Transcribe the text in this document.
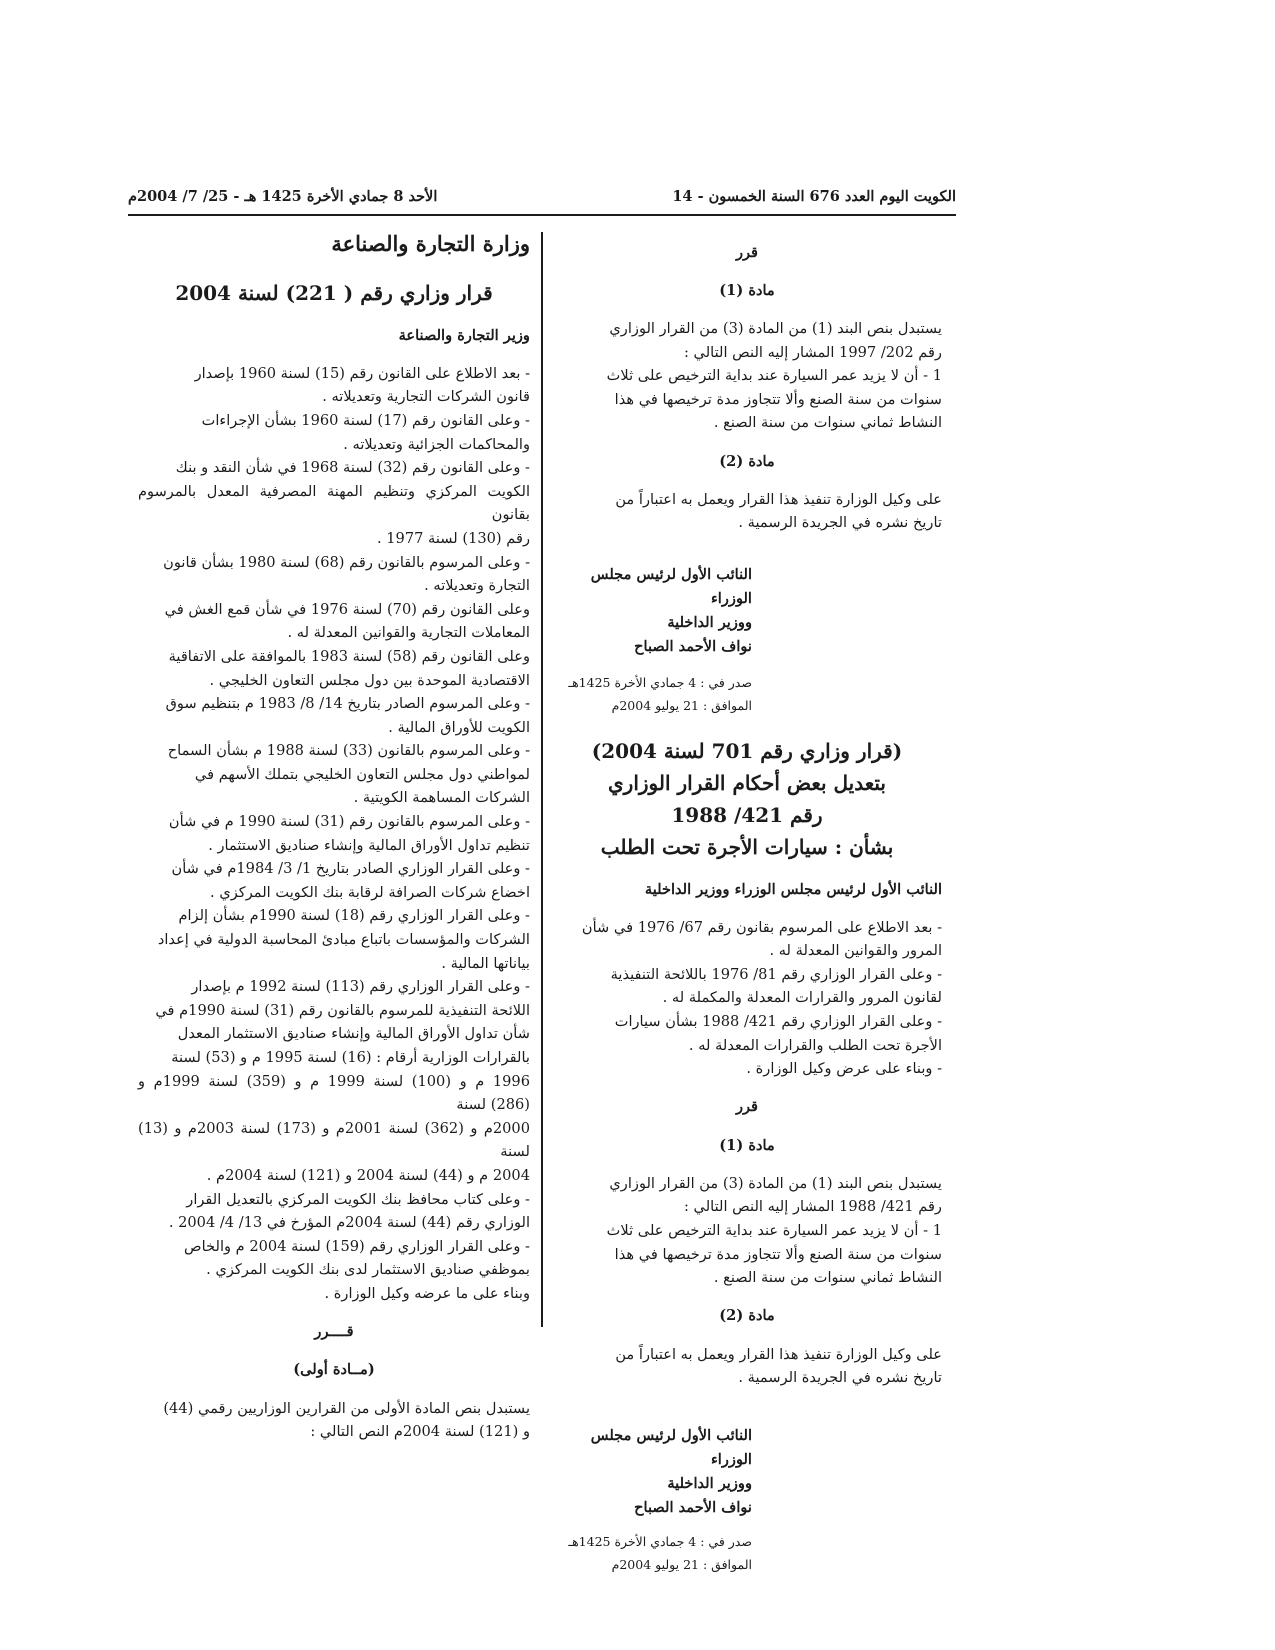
الكويت اليوم العدد 676 السنة الخمسون - 14
الأحد 8 جمادي الأخرة 1425 هـ - 25/ 7/ 2004م

قرر

مادة (1)

يستبدل بنص البند (1) من المادة (3) من القرار الوزاري

رقم 202/ 1997 المشار إليه النص التالي :

1 - أن لا يزيد عمر السيارة عند بداية الترخيص على ثلاث

سنوات من سنة الصنع وألا تتجاوز مدة ترخيصها في هذا

النشاط ثماني سنوات من سنة الصنع .

مادة (2)

على وكيل الوزارة تنفيذ هذا القرار ويعمل به اعتباراً من

تاريخ نشره في الجريدة الرسمية .

النائب الأول لرئيس مجلس الوزراء

ووزير الداخلية

نواف الأحمد الصباح

صدر في : 4 جمادي الأخرة 1425هـ
الموافق : 21 يوليو 2004م

(قرار وزاري رقم 701 لسنة 2004)

بتعديل بعض أحكام القرار الوزاري

رقم 421/ 1988

بشأن : سيارات الأجرة تحت الطلب

النائب الأول لرئيس مجلس الوزراء ووزير الداخلية

- بعد الاطلاع على المرسوم بقانون رقم 67/ 1976 في شأن

المرور والقوانين المعدلة له .

- وعلى القرار الوزاري رقم 81/ 1976 باللائحة التنفيذية

لقانون المرور والقرارات المعدلة والمكملة له .

- وعلى القرار الوزاري رقم 421/ 1988 بشأن سيارات

الأجرة تحت الطلب والقرارات المعدلة له .

- وبناء على عرض وكيل الوزارة .

قرر

مادة (1)

يستبدل بنص البند (1) من المادة (3) من القرار الوزاري

رقم 421/ 1988 المشار إليه النص التالي :

1 - أن لا يزيد عمر السيارة عند بداية الترخيص على ثلاث

سنوات من سنة الصنع وألا تتجاوز مدة ترخيصها في هذا

النشاط ثماني سنوات من سنة الصنع .

مادة (2)

على وكيل الوزارة تنفيذ هذا القرار ويعمل به اعتباراً من

تاريخ نشره في الجريدة الرسمية .

النائب الأول لرئيس مجلس الوزراء

ووزير الداخلية

نواف الأحمد الصباح

صدر في : 4 جمادي الأخرة 1425هـ
الموافق : 21 يوليو 2004م

وزارة التجارة والصناعة

قرار وزاري رقم ( 221) لسنة 2004

وزير التجارة والصناعة

- بعد الاطلاع على القانون رقم (15) لسنة 1960 بإصدار

قانون الشركات التجارية وتعديلاته .

- وعلى القانون رقم (17) لسنة 1960 بشأن الإجراءات

والمحاكمات الجزائية وتعديلاته .

- وعلى القانون رقم (32) لسنة 1968 في شأن النقد و بنك

الكويت المركزي وتنظيم المهنة المصرفية المعدل بالمرسوم بقانون

رقم (130) لسنة 1977 .

- وعلى المرسوم بالقانون رقم (68) لسنة 1980 بشأن قانون

التجارة وتعديلاته .

وعلى القانون رقم (70) لسنة 1976 في شأن قمع الغش في

المعاملات التجارية والقوانين المعدلة له .

وعلى القانون رقم (58) لسنة 1983 بالموافقة على الاتفاقية

الاقتصادية الموحدة بين دول مجلس التعاون الخليجي .

- وعلى المرسوم الصادر بتاريخ 14/ 8/ 1983 م بتنظيم سوق

الكويت للأوراق المالية .

- وعلى المرسوم بالقانون (33) لسنة 1988 م بشأن السماح

لمواطني دول مجلس التعاون الخليجي بتملك الأسهم في

الشركات المساهمة الكويتية .

- وعلى المرسوم بالقانون رقم (31) لسنة 1990 م في شأن

تنظيم تداول الأوراق المالية وإنشاء صناديق الاستثمار .

- وعلى القرار الوزاري الصادر بتاريخ 1/ 3/ 1984م في شأن

اخضاع شركات الصرافة لرقابة بنك الكويت المركزي .

- وعلى القرار الوزاري رقم (18) لسنة 1990م بشأن إلزام

الشركات والمؤسسات باتباع مبادئ المحاسبة الدولية في إعداد

بياناتها المالية .

- وعلى القرار الوزاري رقم (113) لسنة 1992 م بإصدار

اللائحة التنفيذية للمرسوم بالقانون رقم (31) لسنة 1990م في

شأن تداول الأوراق المالية وإنشاء صناديق الاستثمار المعدل

بالقرارات الوزارية أرقام : (16) لسنة 1995 م و (53) لسنة

1996 م و (100) لسنة 1999 م و (359) لسنة 1999م و (286) لسنة

2000م و (362) لسنة 2001م و (173) لسنة 2003م و (13) لسنة

2004 م و (44) لسنة 2004 و (121) لسنة 2004م .

- وعلى كتاب محافظ بنك الكويت المركزي بالتعديل القرار

الوزاري رقم (44) لسنة 2004م المؤرخ في 13/ 4/ 2004 .

- وعلى القرار الوزاري رقم (159) لسنة 2004 م والخاص

بموظفي صناديق الاستثمار لدى بنك الكويت المركزي .

وبناء على ما عرضه وكيل الوزارة .

قــــرر

(مــادة أولى)

يستبدل بنص المادة الأولى من القرارين الوزاريين رقمي (44)

و (121) لسنة 2004م النص التالي :
